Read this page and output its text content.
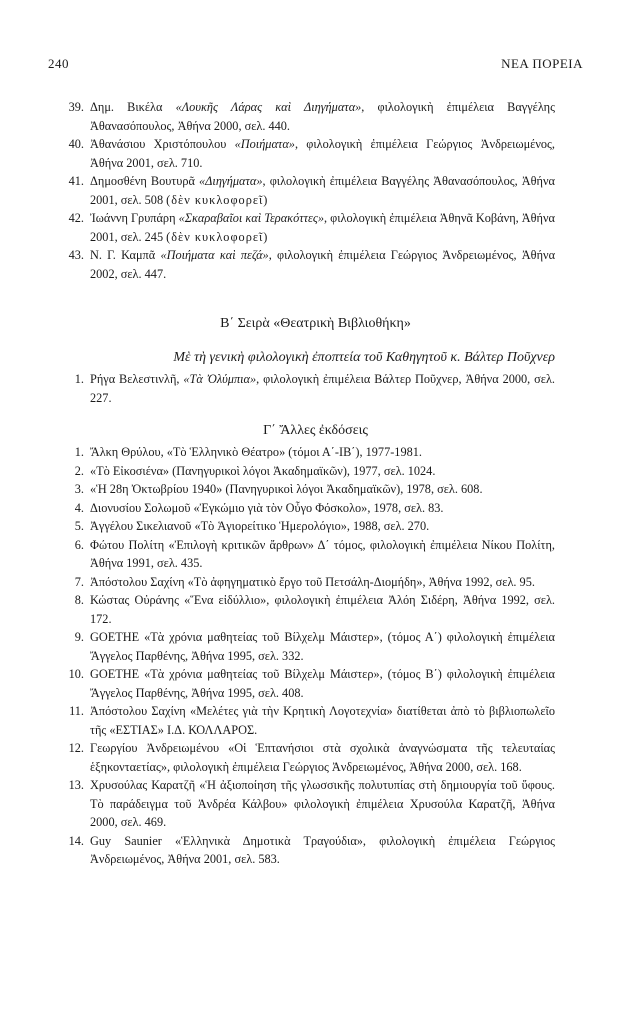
240	ΝΕΑ ΠΟΡΕΙΑ
39. Δημ. Βικέλα «Λουκῆς Λάρας καὶ Διηγήματα», φιλολογικὴ ἐπιμέλεια Βαγγέλης Ἀθανασόπουλος, Ἀθήνα 2000, σελ. 440.
40. Ἀθανάσιου Χριστόπουλου «Ποιήματα», φιλολογικὴ ἐπιμέλεια Γεώργιος Ἀνδρειωμένος, Ἀθήνα 2001, σελ. 710.
41. Δημοσθένη Βουτυρᾶ «Διηγήματα», φιλολογικὴ ἐπιμέλεια Βαγγέλης Ἀθανασόπουλος, Ἀθήνα 2001, σελ. 508 (δὲν κυκλοφορεῖ)
42. Ἰωάννη Γρυπάρη «Σκαραβαῖοι καὶ Τερακόττες», φιλολογικὴ ἐπιμέλεια Ἀθηνᾶ Κοβάνη, Ἀθήνα 2001, σελ. 245 (δὲν κυκλοφορεῖ)
43. Ν. Γ. Καμπᾶ «Ποιήματα καὶ πεζά», φιλολογικὴ ἐπιμέλεια Γεώργιος Ἀνδρειωμένος, Ἀθήνα 2002, σελ. 447.
Β΄ Σειρὰ «Θεατρικὴ Βιβλιοθήκη»
Μὲ τὴ γενικὴ φιλολογικὴ ἐποπτεία τοῦ Καθηγητοῦ κ. Βάλτερ Ποῦχνερ
1. Ρήγα Βελεστινλῆ, «Τὰ Ὀλύμπια», φιλολογικὴ ἐπιμέλεια Βάλτερ Ποῦχνερ, Ἀθήνα 2000, σελ. 227.
Γ΄ Ἄλλες ἐκδόσεις
1. Ἄλκη Θρύλου, «Τὸ Ἑλληνικὸ Θέατρο» (τόμοι Α΄-ΙΒ΄), 1977-1981.
2. «Τὸ Εἰκοσιένα» (Πανηγυρικοὶ λόγοι Ἀκαδημαϊκῶν), 1977, σελ. 1024.
3. «Ἡ 28η Ὀκτωβρίου 1940» (Πανηγυρικοὶ λόγοι Ἀκαδημαϊκῶν), 1978, σελ. 608.
4. Διονυσίου Σολωμοῦ «Ἐγκώμιο γιὰ τὸν Οὖγο Φόσκολο», 1978, σελ. 83.
5. Ἀγγέλου Σικελιανοῦ «Τὸ Ἁγιορείτικο Ἡμερολόγιο», 1988, σελ. 270.
6. Φώτου Πολίτη «Ἐπιλογὴ κριτικῶν ἄρθρων» Δ΄ τόμος, φιλολογικὴ ἐπιμέλεια Νίκου Πολίτη, Ἀθήνα 1991, σελ. 435.
7. Ἀπόστολου Σαχίνη «Τὸ ἀφηγηματικὸ ἔργο τοῦ Πετσάλη-Διομήδη», Ἀθήνα 1992, σελ. 95.
8. Κώστας Οὐράνης «Ἕνα εἰδύλλιο», φιλολογικὴ ἐπιμέλεια Ἀλόη Σιδέρη, Ἀθήνα 1992, σελ. 172.
9. GOETHE «Τὰ χρόνια μαθητείας τοῦ Βίλχελμ Μάιστερ», (τόμος Α΄) φιλολογικὴ ἐπιμέλεια Ἄγγελος Παρθένης, Ἀθήνα 1995, σελ. 332.
10. GOETHE «Τὰ χρόνια μαθητείας τοῦ Βίλχελμ Μάιστερ», (τόμος Β΄) φιλολογικὴ ἐπιμέλεια Ἄγγελος Παρθένης, Ἀθήνα 1995, σελ. 408.
11. Ἀπόστολου Σαχίνη «Μελέτες γιὰ τὴν Κρητικὴ Λογοτεχνία» διατίθεται ἀπὸ τὸ βιβλιοπωλεῖο τῆς «ΕΣΤΙΑΣ» Ι.Δ. ΚΟΛΛΑΡΟΣ.
12. Γεωργίου Ἀνδρειωμένου «Οἱ Ἑπτανήσιοι στὰ σχολικὰ ἀναγνώσματα τῆς τελευταίας ἑξηκονταετίας», φιλολογικὴ ἐπιμέλεια Γεώργιος Ἀνδρειωμένος, Ἀθήνα 2000, σελ. 168.
13. Χρυσούλας Καρατζῆ «Ἡ ἀξιοποίηση τῆς γλωσσικῆς πολυτυπίας στὴ δημιουργία τοῦ ὕφους. Τὸ παράδειγμα τοῦ Ἀνδρέα Κάλβου» φιλολογικὴ ἐπιμέλεια Χρυσούλα Καρατζῆ, Ἀθήνα 2000, σελ. 469.
14. Guy Saunier «Ἑλληνικὰ Δημοτικὰ Τραγούδια», φιλολογικὴ ἐπιμέλεια Γεώργιος Ἀνδρειωμένος, Ἀθήνα 2001, σελ. 583.
